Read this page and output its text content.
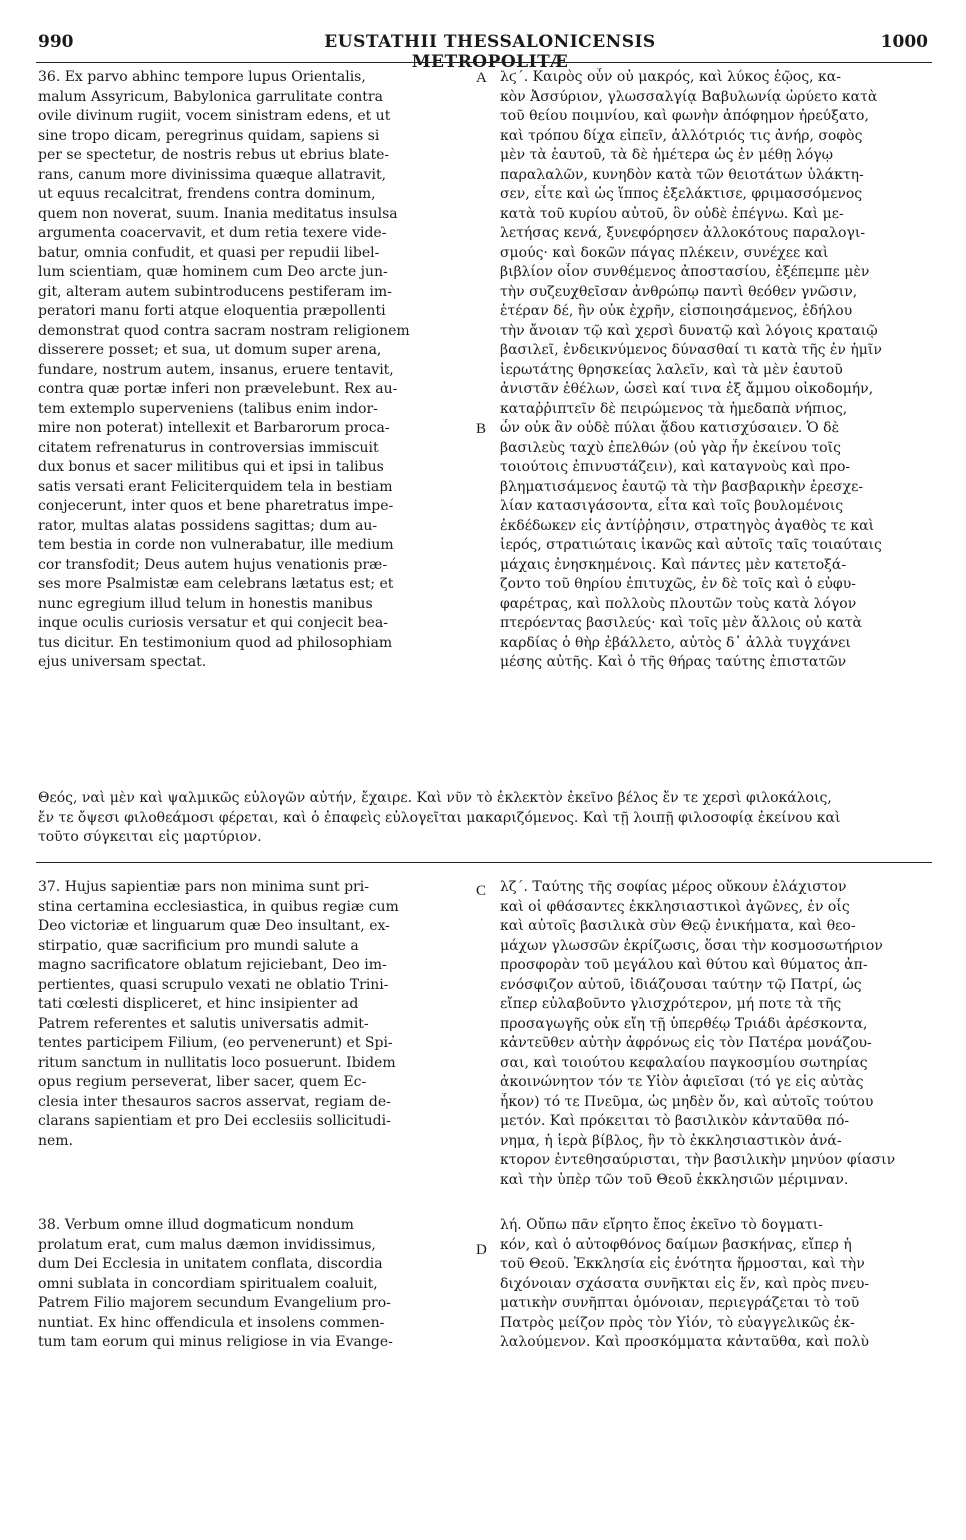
990	EUSTATHII THESSALONICENSIS METROPOLITÆ
1000
A
B
C
D
36. Ex parvo abhinc tempore lupus Orientalis,
malum Assyricum, Babylonica garrulitate contra
ovile divinum rugiit, vocem sinistram edens, et ut
sine tropo dicam, peregrinus quidam, sapiens si
per se spectetur, de nostris rebus ut ebrius blate-
rans, canum more divinissima quæque allatravit,
ut equus recalcitrat, frendens contra dominum,
quem non noverat, suum. Inania meditatus insulsa
argumenta coacervavit, et dum retia texere vide-
batur, omnia confudit, et quasi per repudii libel-
lum scientiam, quæ hominem cum Deo arcte jun-
git, alteram autem subintroducens pestiferam im-
peratori manu forti atque eloquentia præpollenti
demonstrat quod contra sacram nostram religionem
disserere posset; et sua, ut domum super arena,
fundare, nostrum autem, insanus, eruere tentavit,
contra quæ portæ inferi non prævelebunt. Rex au-
tem extemplo superveniens (talibus enim indor-
mire non poterat) intellexit et Barbarorum proca-
citatem refrenaturus in controversias immiscuit
dux bonus et sacer militibus qui et ipsi in talibus
satis versati erant Feliciterquidem tela in bestiam
conjecerunt, inter quos et bene pharetratus impe-
rator, multas alatas possidens sagittas; dum au-
tem bestia in corde non vulnerabatur, ille medium
cor transfodit; Deus autem hujus venationis præ-
ses more Psalmistæ eam celebrans lætatus est; et
nunc egregium illud telum in honestis manibus
inque oculis curiosis versatur et qui conjecit bea-
tus dicitur. En testimonium quod ad philosophiam
ejus universam spectat.
λϛ΄. Καιρὸς οὖν οὐ μακρός, καὶ λύκος ἑῷος, κα-
κὸν Ἀσσύριον, γλωσσαλγίᾳ Βαβυλωνίᾳ ὠρύετο κατὰ
τοῦ θείου ποιμνίου, καὶ φωνὴν ἀπόφημον ἠρεύξατο,
καὶ τρόπου δίχα εἰπεῖν, ἀλλότριός τις ἀνήρ, σοφὸς
μὲν τὰ ἑαυτοῦ, τὰ δὲ ἡμέτερα ὡς ἐν μέθῃ λόγῳ
παραλαλῶν, κυνηδὸν κατὰ τῶν θειοτάτων ὑλάκτη-
σεν, εἶτε καὶ ὡς ἵππος ἐξελάκτισε, φριμασσόμενος
κατὰ τοῦ κυρίου αὐτοῦ, ὃν οὐδὲ ἐπέγνω. Καὶ με-
λετήσας κενά, ξυνεφόρησεν ἀλλοκότους παραλογι-
σμούς· καὶ δοκῶν πάγας πλέκειν, συνέχεε καὶ
βιβλίον οἷον συνθέμενος ἀποστασίου, ἐξέπεμπε μὲν
τὴν συζευχθεῖσαν ἀνθρώπῳ παντὶ θεόθεν γνῶσιν,
ἑτέραν δέ, ἣν οὐκ ἐχρῆν, εἰσποιησάμενος, ἐδήλου
τὴν ἄνοιαν τῷ καὶ χερσὶ δυνατῷ καὶ λόγοις κραταιῷ
βασιλεῖ, ἐνδεικνύμενος δύνασθαί τι κατὰ τῆς ἐν ἡμῖν
ἱερωτάτης θρησκείας λαλεῖν, καὶ τὰ μὲν ἑαυτοῦ
ἀνιστᾶν ἐθέλων, ὡσεὶ καί τινα ἐξ ἄμμου οἰκοδομήν,
καταῤῥιπτεῖν δὲ πειρώμενος τὰ ἡμεδαπὰ νήπιος,
ὧν οὐκ ἂν οὐδὲ πύλαι ᾅδου κατισχύσαιεν. Ὁ δὲ
βασιλεὺς ταχὺ ἐπελθών (οὐ γὰρ ἦν ἐκείνου τοῖς
τοιούτοις ἐπινυστάζειν), καὶ καταγνοὺς καὶ προ-
βληματισάμενος ἑαυτῷ τὰ τὴν βασβαρικὴν ἐρεσχε-
λίαν κατασιγάσοντα, εἶτα καὶ τοῖς βουλομένοις
ἐκδέδωκεν εἰς ἀντίῤῥησιν, στρατηγὸς ἀγαθὸς τε καὶ
ἱερός, στρατιώταις ἱκανῶς καὶ αὐτοῖς ταῖς τοιαύταις
μάχαις ἐνησκημένοις. Καὶ πάντες μὲν κατετοξά-
ζοντο τοῦ θηρίου ἐπιτυχῶς, ἐν δὲ τοῖς καὶ ὁ εὐφυ-
φαρέτρας, καὶ πολλοὺς πλουτῶν τοὺς κατὰ λόγον
πτερόεντας βασιλεύς· καὶ τοῖς μὲν ἄλλοις οὐ κατὰ
καρδίας ὁ θὴρ ἐβάλλετο, αὐτὸς δ᾽ ἀλλὰ τυγχάνει
μέσης αὐτῆς. Καὶ ὁ τῆς θήρας ταύτης ἐπιστατῶν
Θεός, ναὶ μὲν καὶ ψαλμικῶς εὐλογῶν αὐτήν, ἔχαιρε. Καὶ νῦν τὸ ἐκλεκτὸν ἐκεῖνο βέλος ἔν τε χερσὶ φιλοκάλοις,
ἔν τε ὄψεσι φιλοθεάμοσι φέρεται, καὶ ὁ ἐπαφεὶς εὐλογεῖται μακαριζόμενος. Καὶ τῇ λοιπῇ φιλοσοφίᾳ ἐκείνου καὶ
τοῦτο σύγκειται εἰς μαρτύριον.
37. Hujus sapientiæ pars non minima sunt pri-
stina certamina ecclesiastica, in quibus regiæ cum
Deo victoriæ et linguarum quæ Deo insultant, ex-
stirpatio, quæ sacrificium pro mundi salute a
magno sacrificatore oblatum rejiciebant, Deo im-
pertientes, quasi scrupulo vexati ne oblatio Trini-
tati cœlesti displiceret, et hinc insipienter ad
Patrem referentes et salutis universatis admit-
tentes participem Filium, (eo pervenerunt) et Spi-
ritum sanctum in nullitatis loco posuerunt. Ibidem
opus regium perseverat, liber sacer, quem Ec-
clesia inter thesauros sacros asservat, regiam de-
clarans sapientiam et pro Dei ecclesiis sollicitudi-
nem.
λζ΄. Ταύτης τῆς σοφίας μέρος οὔκουν ἐλάχιστον
καὶ οἱ φθάσαντες ἐκκλησιαστικοὶ ἀγῶνες, ἐν οἷς
καὶ αὐτοῖς βασιλικὰ σὺν Θεῷ ἐνικήματα, καὶ θεο-
μάχων γλωσσῶν ἐκρίζωσις, ὅσαι τὴν κοσμοσωτήριον
προσφορὰν τοῦ μεγάλου καὶ θύτου καὶ θύματος ἀπ-
ενόσφιζον αὐτοῦ, ἰδιάζουσαι ταύτην τῷ Πατρί, ὡς
εἴπερ εὐλαβοῦντο γλισχρότερον, μή ποτε τὰ τῆς
προσαγωγῆς οὐκ εἴη τῇ ὑπερθέῳ Τριάδι ἀρέσκοντα,
κἀντεῦθεν αὐτὴν ἀφρόνως εἰς τὸν Πατέρα μονάζου-
σαι, καὶ τοιούτου κεφαλαίου παγκοσμίου σωτηρίας
ἀκοινώνητον τόν τε Υἱὸν ἀφιεῖσαι (τό γε εἰς αὐτὰς
ἧκον) τό τε Πνεῦμα, ὡς μηδὲν ὄν, καὶ αὐτοῖς τούτου
μετόν. Καὶ πρόκειται τὸ βασιλικὸν κἀνταῦθα πό-
νημα, ἡ ἱερὰ βίβλος, ἣν τὸ ἐκκλησιαστικὸν ἀνά-
κτορον ἐντεθησαύρισται, τὴν βασιλικὴν μηνύον φίασιν
καὶ τὴν ὑπὲρ τῶν τοῦ Θεοῦ ἐκκλησιῶν μέριμναν.
38. Verbum omne illud dogmaticum nondum
prolatum erat, cum malus dæmon invidissimus,
dum Dei Ecclesia in unitatem conflata, discordia
omni sublata in concordiam spiritualem coaluit,
Patrem Filio majorem secundum Evangelium pro-
nuntiat. Ex hinc offendicula et insolens commen-
tum tam eorum qui minus religiose in via Evange-
λή. Οὔπω πᾶν εἴρητο ἔπος ἐκεῖνο τὸ δογματι-
κόν, καὶ ὁ αὐτοφθόνος δαίμων βασκήνας, εἴπερ ἡ
τοῦ Θεοῦ. Ἐκκλησία εἰς ἑνότητα ἥρμοσται, καὶ τὴν
διχόνοιαν σχάσατα συνῆκται εἰς ἕν, καὶ πρὸς πνευ-
ματικὴν συνῆπται ὁμόνοιαν, περιεγράζεται τὸ τοῦ
Πατρὸς μείζον πρὸς τὸν Υἱόν, τὸ εὐαγγελικῶς ἐκ-
λαλούμενον. Καὶ προσκόμματα κἀνταῦθα, καὶ πολὺ
